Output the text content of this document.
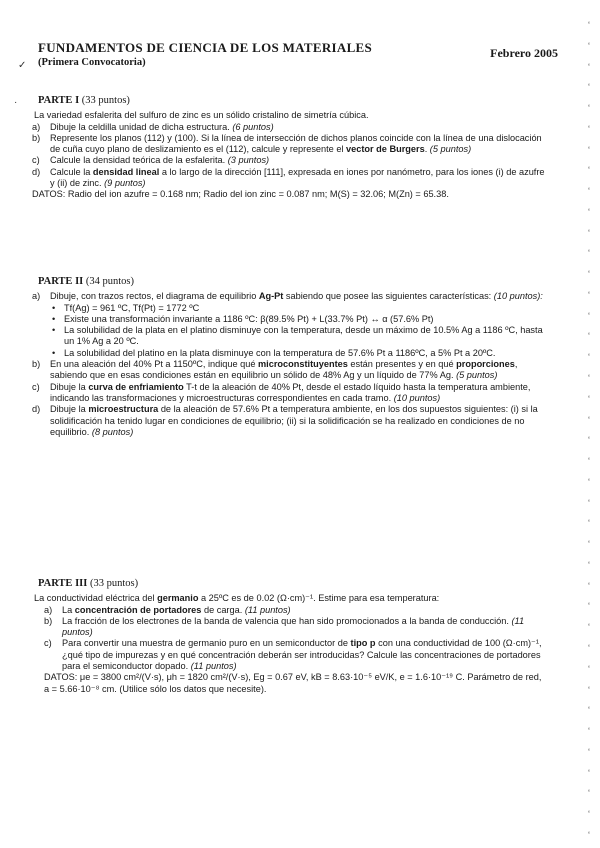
FUNDAMENTOS DE CIENCIA DE LOS MATERIALES
(Primera Convocatoria)
Febrero 2005
✓
· PARTE I (33 puntos)
La variedad esfalerita del sulfuro de zinc es un sólido cristalino de simetría cúbica.
a)	Dibuje la celdilla unidad de dicha estructura. (6 puntos)
b)	Represente los planos (112) y (100). Si la línea de intersección de dichos planos coincide con la línea de una dislocación de cuña cuyo plano de deslizamiento es el (112), calcule y represente el vector de Burgers. (5 puntos)
c)	Calcule la densidad teórica de la esfalerita. (3 puntos)
d)	Calcule la densidad lineal a lo largo de la dirección [111], expresada en iones por nanómetro, para los iones (i) de azufre y (ii) de zinc. (9 puntos)
DATOS: Radio del ion azufre = 0.168 nm; Radio del ion zinc = 0.087 nm; M(S) = 32.06; M(Zn) = 65.38.
PARTE II (34 puntos)
a)	Dibuje, con trazos rectos, el diagrama de equilibrio Ag-Pt sabiendo que posee las siguientes características: (10 puntos):
• Tf(Ag) = 961 ºC, Tf(Pt) = 1772 ºC
• Existe una transformación invariante a 1186 ºC: β(89.5% Pt) + L(33.7% Pt) ↔ α (57.6% Pt)
• La solubilidad de la plata en el platino disminuye con la temperatura, desde un máximo de 10.5% Ag a 1186 ºC, hasta un 1% Ag a 20 ºC.
• La solubilidad del platino en la plata disminuye con la temperatura de 57.6% Pt a 1186ºC, a 5% Pt a 20ºC.
b)	En una aleación del 40% Pt a 1150ºC, indique qué microconstituyentes están presentes y en qué proporciones, sabiendo que en esas condiciones están en equilibrio un sólido de 48% Ag y un líquido de 77% Ag. (5 puntos)
c)	Dibuje la curva de enfriamiento T-t de la aleación de 40% Pt, desde el estado líquido hasta la temperatura ambiente, indicando las transformaciones y microestructuras correspondientes en cada tramo. (10 puntos)
d)	Dibuje la microestructura de la aleación de 57.6% Pt a temperatura ambiente, en los dos supuestos siguientes: (i) si la solidificación ha tenido lugar en condiciones de equilibrio; (ii) si la solidificación se ha realizado en condiciones de no equilibrio. (8 puntos)
PARTE III (33 puntos)
La conductividad eléctrica del germanio a 25ºC es de 0.02 (Ω·cm)⁻¹. Estime para esa temperatura:
a)	La concentración de portadores de carga. (11 puntos)
b)	La fracción de los electrones de la banda de valencia que han sido promocionados a la banda de conducción. (11 puntos)
c)	Para convertir una muestra de germanio puro en un semiconductor de tipo p con una conductividad de 100 (Ω·cm)⁻¹, ¿qué tipo de impurezas y en qué concentración deberán ser introducidas? Calcule las concentraciones de portadores para el semiconductor dopado. (11 puntos)
DATOS: μe = 3800 cm²/(V·s), μh = 1820 cm²/(V·s), Eg = 0.67 eV, kB = 8.63·10⁻⁵ eV/K, e = 1.6·10⁻¹⁹ C. Parámetro de red, a = 5.66·10⁻⁸ cm. (Utilice sólo los datos que necesite).
ʻ
ʻ
ʻ
ʻ
ʻ
ʻ
ʻ
ʻ
ʻ
ʻ
ʻ
ʻ
ʻ
ʻ
ʻ
ʻ
ʻ
ʻ
ʻ
ʻ
ʻ
ʻ
ʻ
ʻ
ʻ
ʻ
ʻ
ʻ
ʻ
ʻ
ʻ
ʻ
ʻ
ʻ
ʻ
ʻ
ʻ
ʻ
ʻ
ʻ
